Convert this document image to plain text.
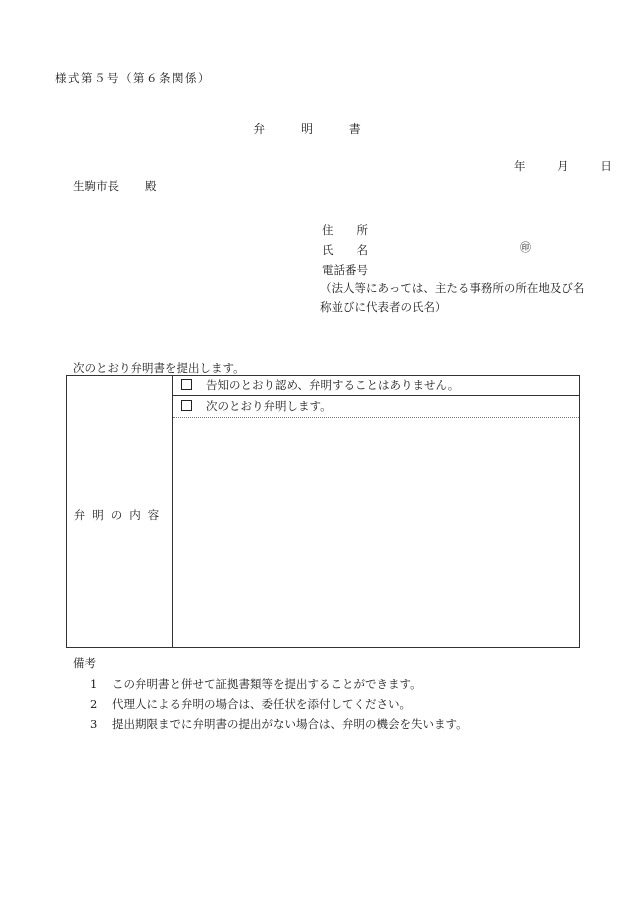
様式第５号（第６条関係）
弁 明 書
年	月	日
生駒市長 殿
住　　所
氏　　名
電話番号
㊞
（法人等にあっては、主たる事務所の所在地及び名称並びに代表者の氏名）
次のとおり弁明書を提出します。
弁明の内容
告知のとおり認め、弁明することはありません。
次のとおり弁明します。
備考
1 この弁明書と併せて証拠書類等を提出することができます。
2 代理人による弁明の場合は、委任状を添付してください。
3 提出期限までに弁明書の提出がない場合は、弁明の機会を失います。
